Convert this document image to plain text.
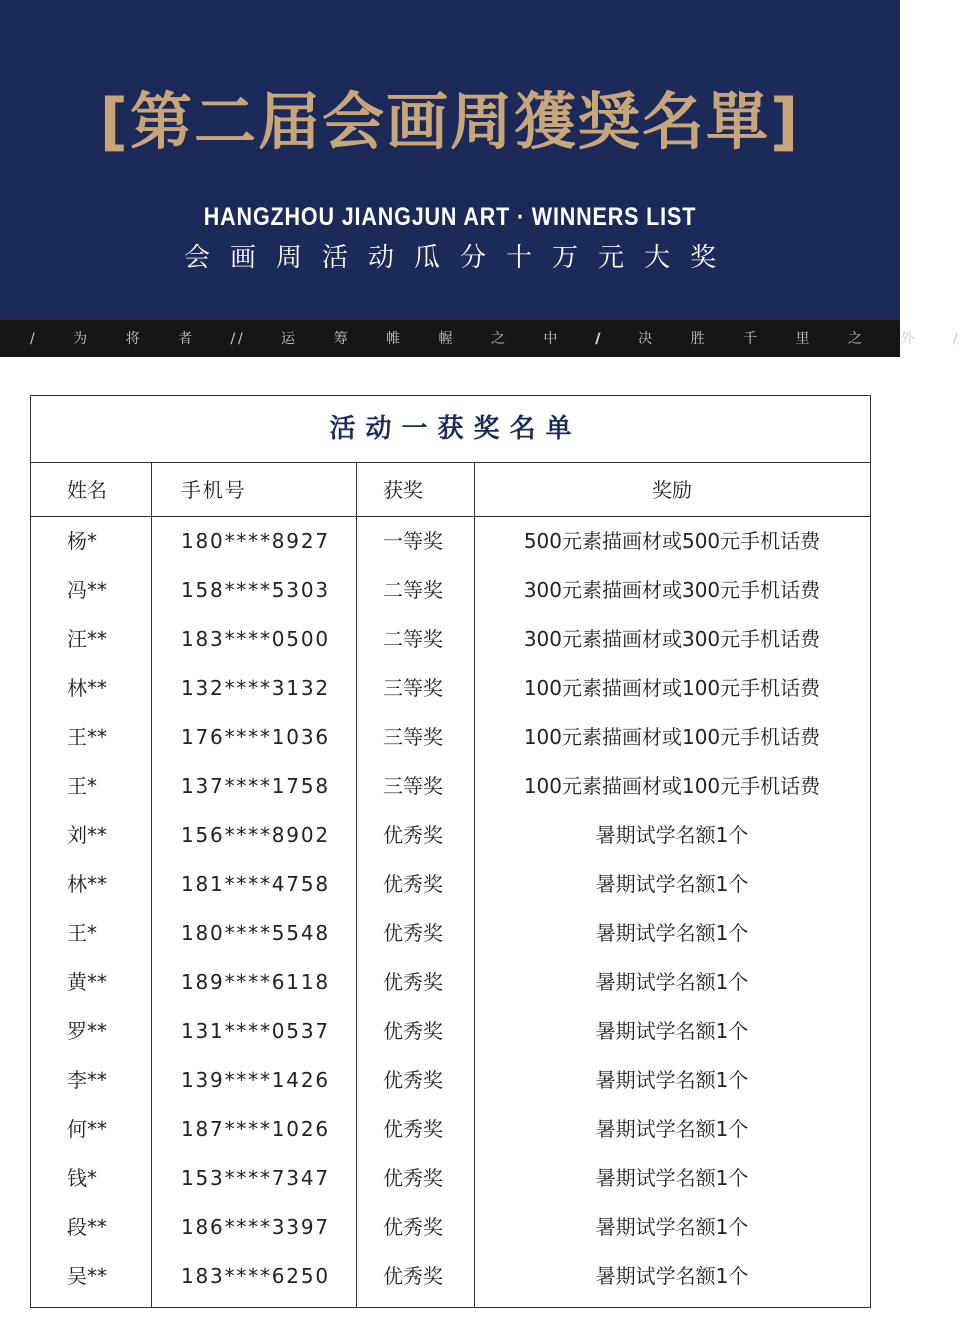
[第二届会画周獲奨名單]
HANGZHOU JIANGJUN ART · WINNERS LIST
会画周活动瓜分十万元大奖
/ 为 将 者 /
/ 运 筹 帷 幄 之 中 /
/ 决 胜 千 里 之 外 /
活动一获奖名单
姓名	手机号	获奖	奖励
杨*	180****8927	一等奖	500元素描画材或500元手机话费
冯**	158****5303	二等奖	300元素描画材或300元手机话费
汪**	183****0500	二等奖	300元素描画材或300元手机话费
林**	132****3132	三等奖	100元素描画材或100元手机话费
王**	176****1036	三等奖	100元素描画材或100元手机话费
王*	137****1758	三等奖	100元素描画材或100元手机话费
刘**	156****8902	优秀奖	暑期试学名额1个
林**	181****4758	优秀奖	暑期试学名额1个
王*	180****5548	优秀奖	暑期试学名额1个
黄**	189****6118	优秀奖	暑期试学名额1个
罗**	131****0537	优秀奖	暑期试学名额1个
李**	139****1426	优秀奖	暑期试学名额1个
何**	187****1026	优秀奖	暑期试学名额1个
钱*	153****7347	优秀奖	暑期试学名额1个
段**	186****3397	优秀奖	暑期试学名额1个
吴**	183****6250	优秀奖	暑期试学名额1个
